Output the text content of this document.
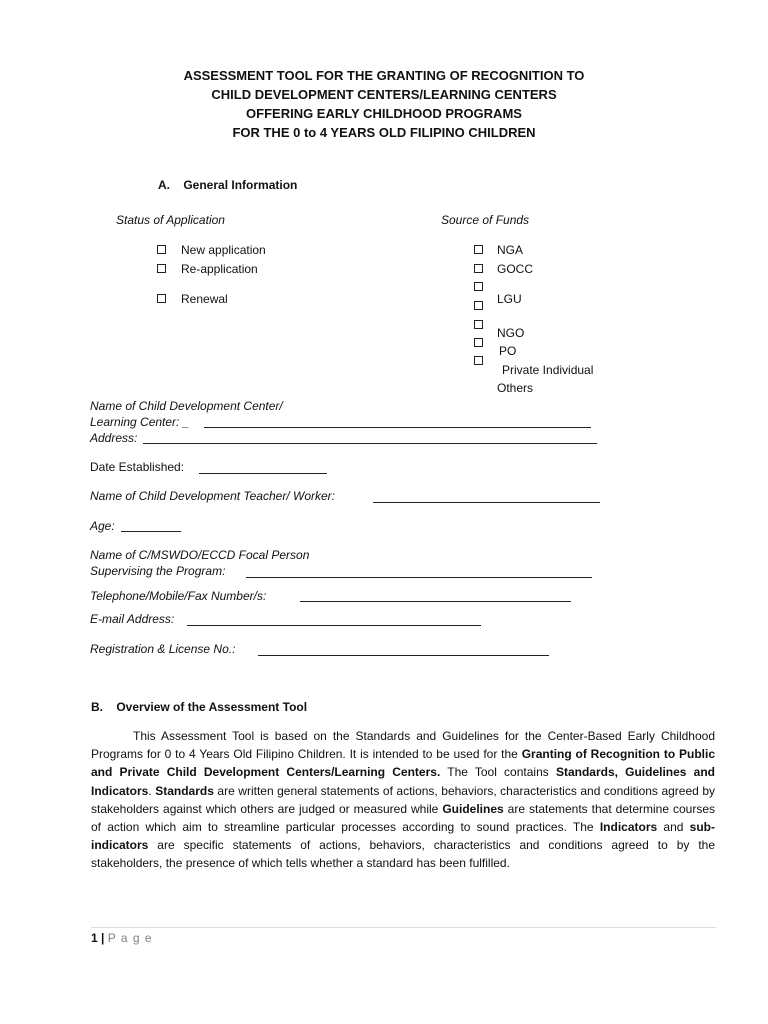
ASSESSMENT TOOL FOR THE GRANTING OF RECOGNITION TO
CHILD DEVELOPMENT CENTERS/LEARNING CENTERS
OFFERING EARLY CHILDHOOD PROGRAMS
FOR THE 0 to 4 YEARS OLD FILIPINO CHILDREN
A.    General Information
Status of Application	Source of Funds
New application
Re-application
Renewal
NGA
GOCC
LGU
NGO
PO
Private Individual
Others
Name of Child Development Center/
Learning Center: _
Address:
Date Established:
Name of Child Development Teacher/ Worker:
Age:
Name of C/MSWDO/ECCD Focal Person
Supervising the Program:
Telephone/Mobile/Fax Number/s:
E-mail Address:
Registration & License No.:
B.    Overview of the Assessment Tool
This Assessment Tool is based on the Standards and Guidelines for the Center-Based Early Childhood Programs for 0 to 4 Years Old Filipino Children. It is intended to be used for the Granting of Recognition to Public and Private Child Development Centers/Learning Centers. The Tool contains Standards, Guidelines and Indicators. Standards are written general statements of actions, behaviors, characteristics and conditions agreed by stakeholders against which others are judged or measured while Guidelines are statements that determine courses of action which aim to streamline particular processes according to sound practices. The Indicators and sub-indicators are specific statements of actions, behaviors, characteristics and conditions agreed to by the stakeholders, the presence of which tells whether a standard has been fulfilled.
1 | P a g e
